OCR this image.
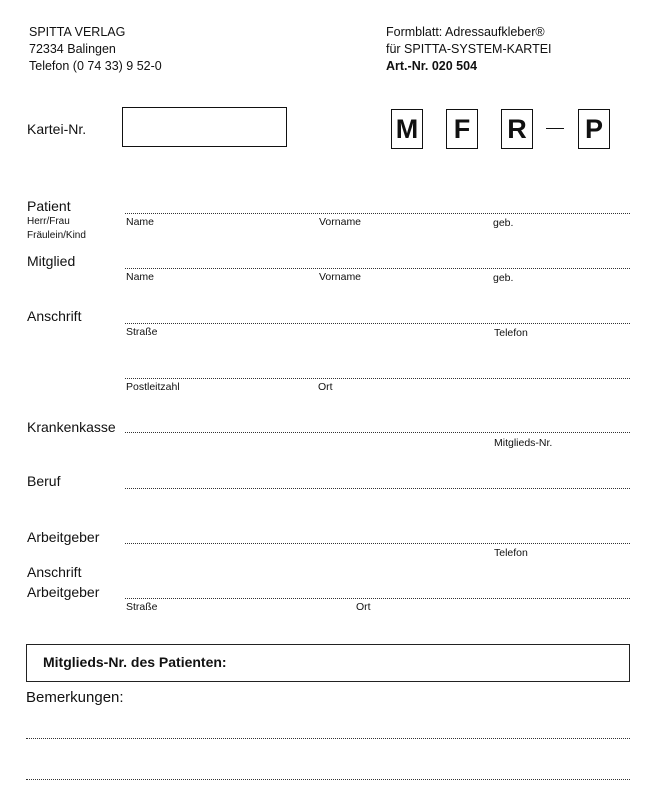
SPITTA VERLAG
72334 Balingen
Telefon (0 74 33) 9 52-0
Formblatt: Adressaufkleber®
für SPITTA-SYSTEM-KARTEI
Art.-Nr. 020 504
Kartei-Nr.	M F R P
Patient
Herr/Frau
Fräulein/Kind
Name	Vorname	geb.
Mitglied
Name	Vorname	geb.
Anschrift
Straße	Telefon
Postleitzahl	Ort
Krankenkasse
Mitglieds-Nr.
Beruf
Arbeitgeber
Telefon
Anschrift
Arbeitgeber
Straße	Ort
Mitglieds-Nr. des Patienten:
Bemerkungen:
